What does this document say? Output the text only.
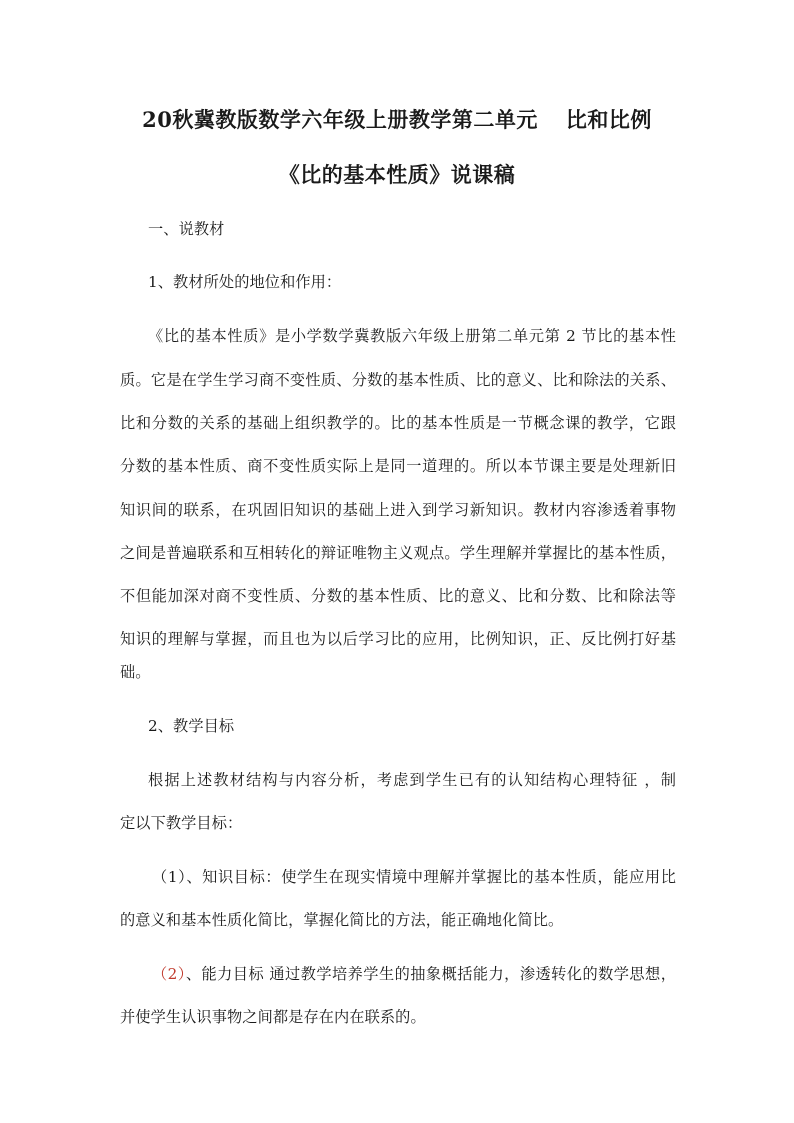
20秋冀教版数学六年级上册教学第二单元 比和比例
《比的基本性质》说课稿
一、说教材
1、教材所处的地位和作用：
《比的基本性质》是小学数学冀教版六年级上册第二单元第 2 节比的基本性
质。它是在学生学习商不变性质、分数的基本性质、比的意义、比和除法的关系、
比和分数的关系的基础上组织教学的。比的基本性质是一节概念课的教学，它跟
分数的基本性质、商不变性质实际上是同一道理的。所以本节课主要是处理新旧
知识间的联系，在巩固旧知识的基础上进入到学习新知识。教材内容渗透着事物
之间是普遍联系和互相转化的辩证唯物主义观点。学生理解并掌握比的基本性质，
不但能加深对商不变性质、分数的基本性质、比的意义、比和分数、比和除法等
知识的理解与掌握，而且也为以后学习比的应用，比例知识，正、反比例打好基
础。
2、教学目标
根据上述教材结构与内容分析，考虑到学生已有的认知结构心理特征 ，制
定以下教学目标：
（1）、知识目标：使学生在现实情境中理解并掌握比的基本性质，能应用比
的意义和基本性质化简比，掌握化简比的方法，能正确地化简比。
（2）、能力目标 通过教学培养学生的抽象概括能力，渗透转化的数学思想，
并使学生认识事物之间都是存在内在联系的。
